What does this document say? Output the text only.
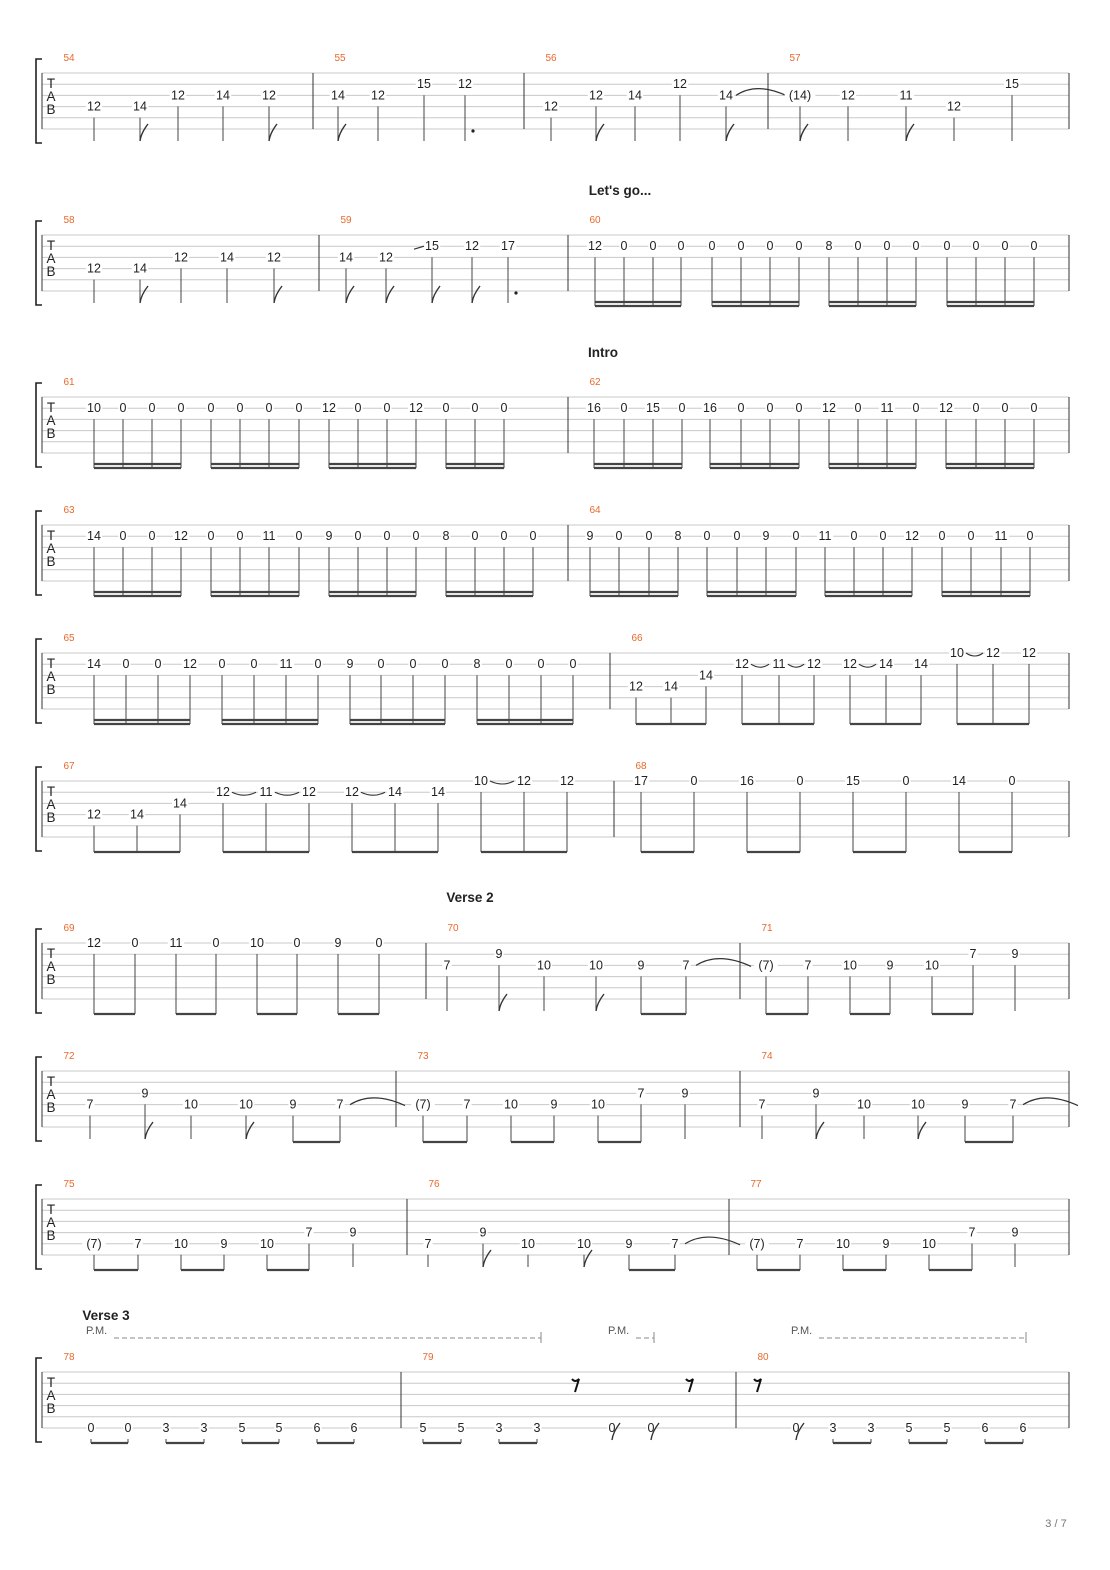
3 / 7
Let's go...
Intro
Verse 2
Verse 3
T
A
B
54
12	14
12 14	12
55
14 12
15 12
56
12
12 14
12
14
57
(14) 12	11
12
15
T
A
B
58
12	14
12	14	12
59
14 12
15 12 17
60
12 0 0 0 0 0 0 0 8 0 0 0 0 0 0 0
T
A
B
61
10 0 0 0 0 0 0 0 12 0 0 12 0 0 0
62
16 0 15 0 16 0 0 0 12 0 11 0 12 0 0 0
T
A
B
63
14 0 0 12 0 0 11 0 9 0 0 0 8 0 0 0
64
9 0 0 8 0 0 9 0 11 0 0 12 0 0 11 0
T
A
B
65
14 0 0 12 0 0 11 0 9 0 0 0 8 0 0 0
66
12 14
14
12 11 12 12 14 14
10 12 12
T
A
B
67
12 14
14
12 11 12 12 14 14
10 12 12
68
17	0	16	0	15	0	14	0
T
A
B
69
12 0 11 0 10 0	9	0
70
7
9
10	10	9	7
71
(7) 7	10 9	10
7	9
T
A
B
72
7
9
10	10	9	7
73
(7)	7	10	9	10
7	9
74
7
9
10	10	9	7
T
A
B
75
(7)	7	10	9	10
7	9
76
7
9
10	10	9	7
77
(7)	7	10	9	10
7	9
T
A
B
78
0 0 3 3 5 5 6 6
79
5 5 3 3	0	0
80
0 3 3 5 5 6 6
P.M.	P.M.	P.M.
